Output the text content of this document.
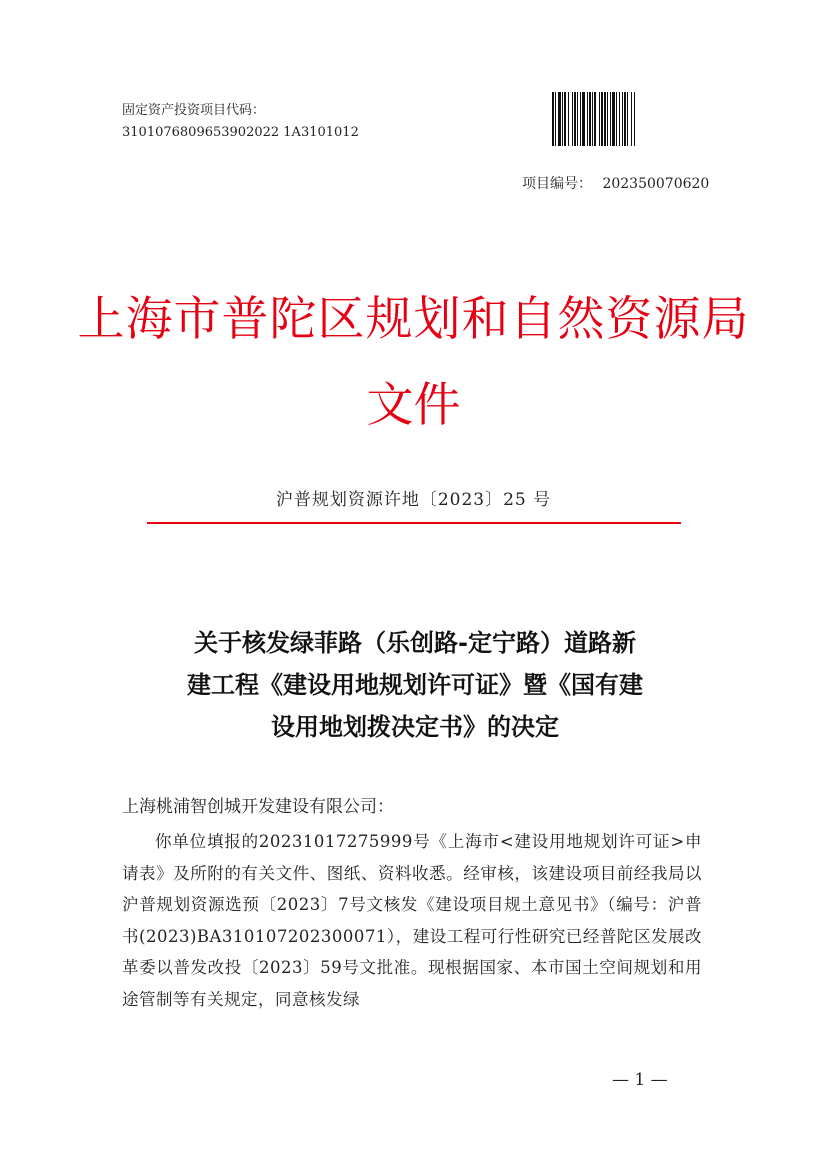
固定资产投资项目代码：
3101076809653902022 1A3101012
项目编号： 202350070620
上海市普陀区规划和自然资源局
文件
沪普规划资源许地〔2023〕25 号
关于核发绿菲路（乐创路-定宁路）道路新
建工程《建设用地规划许可证》暨《国有建
设用地划拨决定书》的决定
上海桃浦智创城开发建设有限公司：
你单位填报的20231017275999号《上海市<建设用地规划许可证>申请表》及所附的有关文件、图纸、资料收悉。经审核，该建设项目前经我局以沪普规划资源选预〔2023〕7号文核发《建设项目规土意见书》（编号：沪普书(2023)BA310107202300071），建设工程可行性研究已经普陀区发展改革委以普发改投〔2023〕59号文批准。现根据国家、本市国土空间规划和用途管制等有关规定，同意核发绿
— 1 —
